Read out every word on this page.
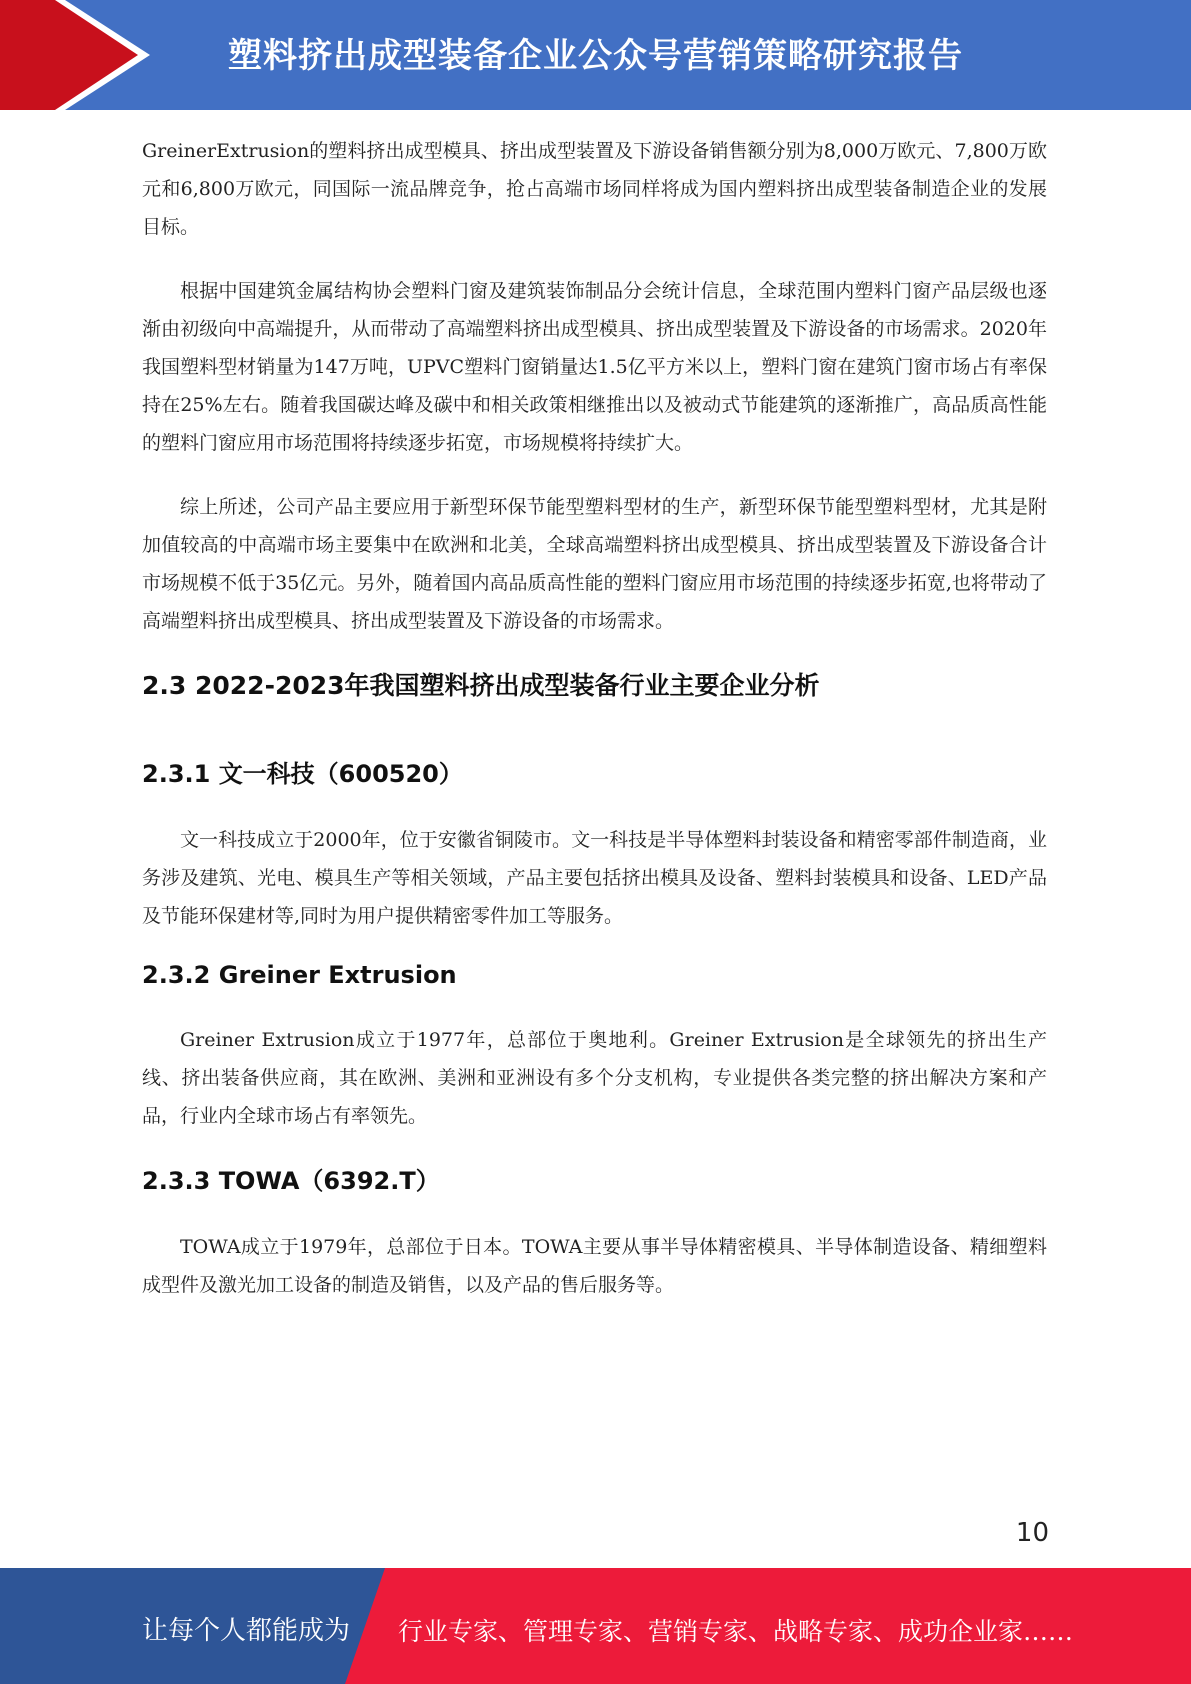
塑料挤出成型装备企业公众号营销策略研究报告

GreinerExtrusion的塑料挤出成型模具、挤出成型装置及下游设备销售额分别为8,000万欧元、7,800万欧元和6,800万欧元，同国际一流品牌竞争，抢占高端市场同样将成为国内塑料挤出成型装备制造企业的发展目标。

根据中国建筑金属结构协会塑料门窗及建筑装饰制品分会统计信息，全球范围内塑料门窗产品层级也逐渐由初级向中高端提升，从而带动了高端塑料挤出成型模具、挤出成型装置及下游设备的市场需求。2020年我国塑料型材销量为147万吨，UPVC塑料门窗销量达1.5亿平方米以上，塑料门窗在建筑门窗市场占有率保持在25%左右。随着我国碳达峰及碳中和相关政策相继推出以及被动式节能建筑的逐渐推广，高品质高性能的塑料门窗应用市场范围将持续逐步拓宽，市场规模将持续扩大。

综上所述，公司产品主要应用于新型环保节能型塑料型材的生产，新型环保节能型塑料型材，尤其是附加值较高的中高端市场主要集中在欧洲和北美，全球高端塑料挤出成型模具、挤出成型装置及下游设备合计市场规模不低于35亿元。另外，随着国内高品质高性能的塑料门窗应用市场范围的持续逐步拓宽,也将带动了高端塑料挤出成型模具、挤出成型装置及下游设备的市场需求。

2.3 2022-2023年我国塑料挤出成型装备行业主要企业分析
2.3.1 文一科技（600520）

文一科技成立于2000年，位于安徽省铜陵市。文一科技是半导体塑料封装设备和精密零部件制造商，业务涉及建筑、光电、模具生产等相关领域，产品主要包括挤出模具及设备、塑料封装模具和设备、LED产品及节能环保建材等,同时为用户提供精密零件加工等服务。

2.3.2 Greiner Extrusion

Greiner Extrusion成立于1977年，总部位于奥地利。Greiner Extrusion是全球领先的挤出生产线、挤出装备供应商，其在欧洲、美洲和亚洲设有多个分支机构，专业提供各类完整的挤出解决方案和产品，行业内全球市场占有率领先。

2.3.3 TOWA（6392.T）

TOWA成立于1979年，总部位于日本。TOWA主要从事半导体精密模具、半导体制造设备、精细塑料成型件及激光加工设备的制造及销售，以及产品的售后服务等。

10
让每个人都能成为 行业专家、管理专家、营销专家、战略专家、成功企业家……
